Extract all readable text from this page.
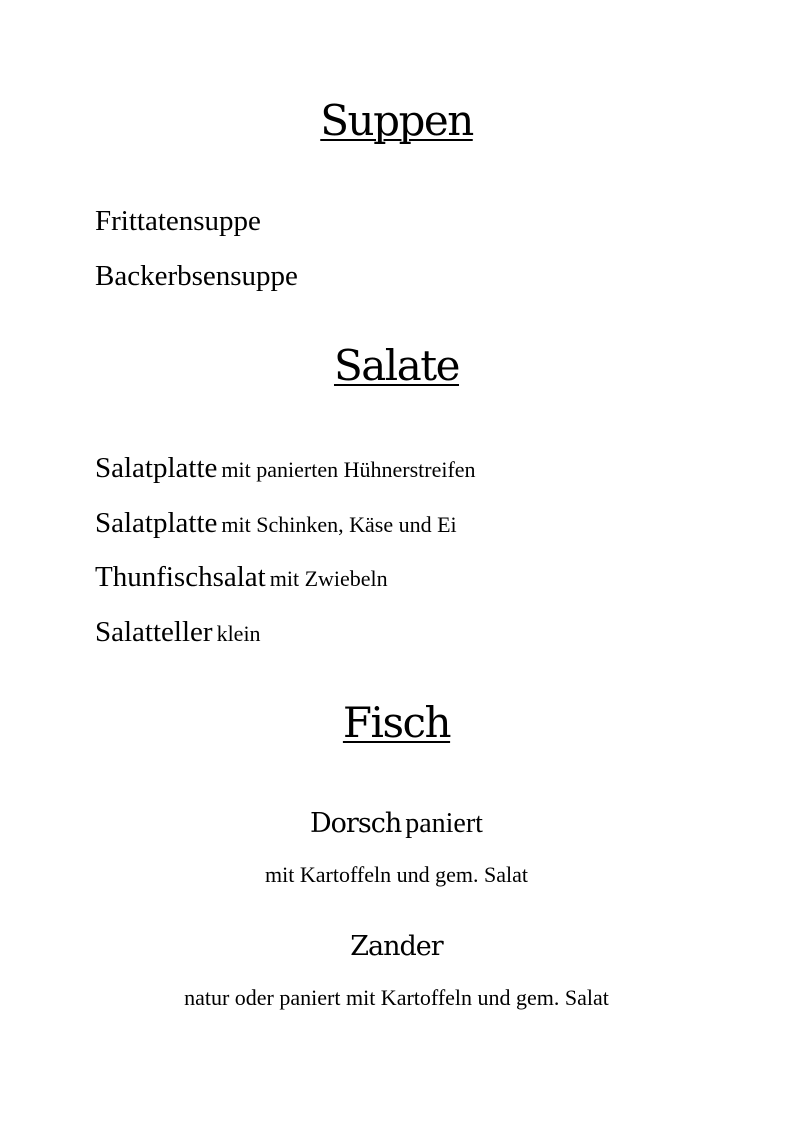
Suppen
Frittatensuppe
Backerbsensuppe
Salate
Salatplatte mit panierten Hühnerstreifen
Salatplatte mit Schinken, Käse und Ei
Thunfischsalat mit Zwiebeln
Salatteller klein
Fisch
Dorsch paniert
mit Kartoffeln und gem. Salat
Zander
natur oder paniert mit Kartoffeln und gem. Salat
